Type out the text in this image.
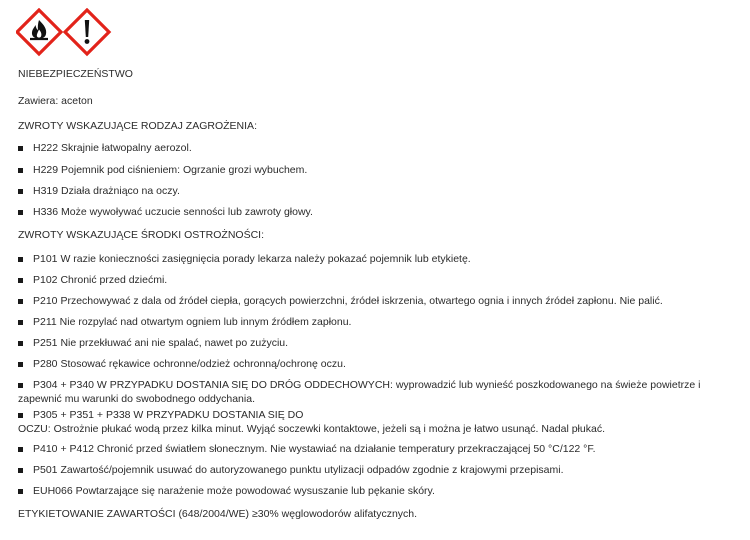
NIEBEZPIECZEŃSTWO
Zawiera: aceton
ZWROTY WSKAZUJĄCE RODZAJ ZAGROŻENIA:
H222 Skrajnie łatwopalny aerozol.
H229 Pojemnik pod ciśnieniem: Ogrzanie grozi wybuchem.
H319 Działa drażniąco na oczy.
H336 Może wywoływać uczucie senności lub zawroty głowy.
ZWROTY WSKAZUJĄCE ŚRODKI OSTROŻNOŚCI:
P101 W razie konieczności zasięgnięcia porady lekarza należy pokazać pojemnik lub etykietę.
P102 Chronić przed dziećmi.
P210 Przechowywać z dala od źródeł ciepła, gorących powierzchni, źródeł iskrzenia, otwartego ognia i innych źródeł zapłonu. Nie palić.
P211 Nie rozpylać nad otwartym ogniem lub innym źródłem zapłonu.
P251 Nie przekłuwać ani nie spalać, nawet po zużyciu.
P280 Stosować rękawice ochronne/odzież ochronną/ochronę oczu.
P304 + P340 W PRZYPADKU DOSTANIA SIĘ DO DRÓG ODDECHOWYCH: wyprowadzić lub wynieść poszkodowanego na świeże powietrze i
zapewnić mu warunki do swobodnego oddychania.
P305 + P351 + P338 W PRZYPADKU DOSTANIA SIĘ DO
OCZU: Ostrożnie płukać wodą przez kilka minut. Wyjąć soczewki kontaktowe, jeżeli są i można je łatwo usunąć. Nadal płukać.
P410 + P412 Chronić przed światłem słonecznym. Nie wystawiać na działanie temperatury przekraczającej 50 °C/122 °F.
P501 Zawartość/pojemnik usuwać do autoryzowanego punktu utylizacji odpadów zgodnie z krajowymi przepisami.
EUH066 Powtarzające się narażenie może powodować wysuszanie lub pękanie skóry.
ETYKIETOWANIE ZAWARTOŚCI (648/2004/WE) ≥30% węglowodorów alifatycznych.
